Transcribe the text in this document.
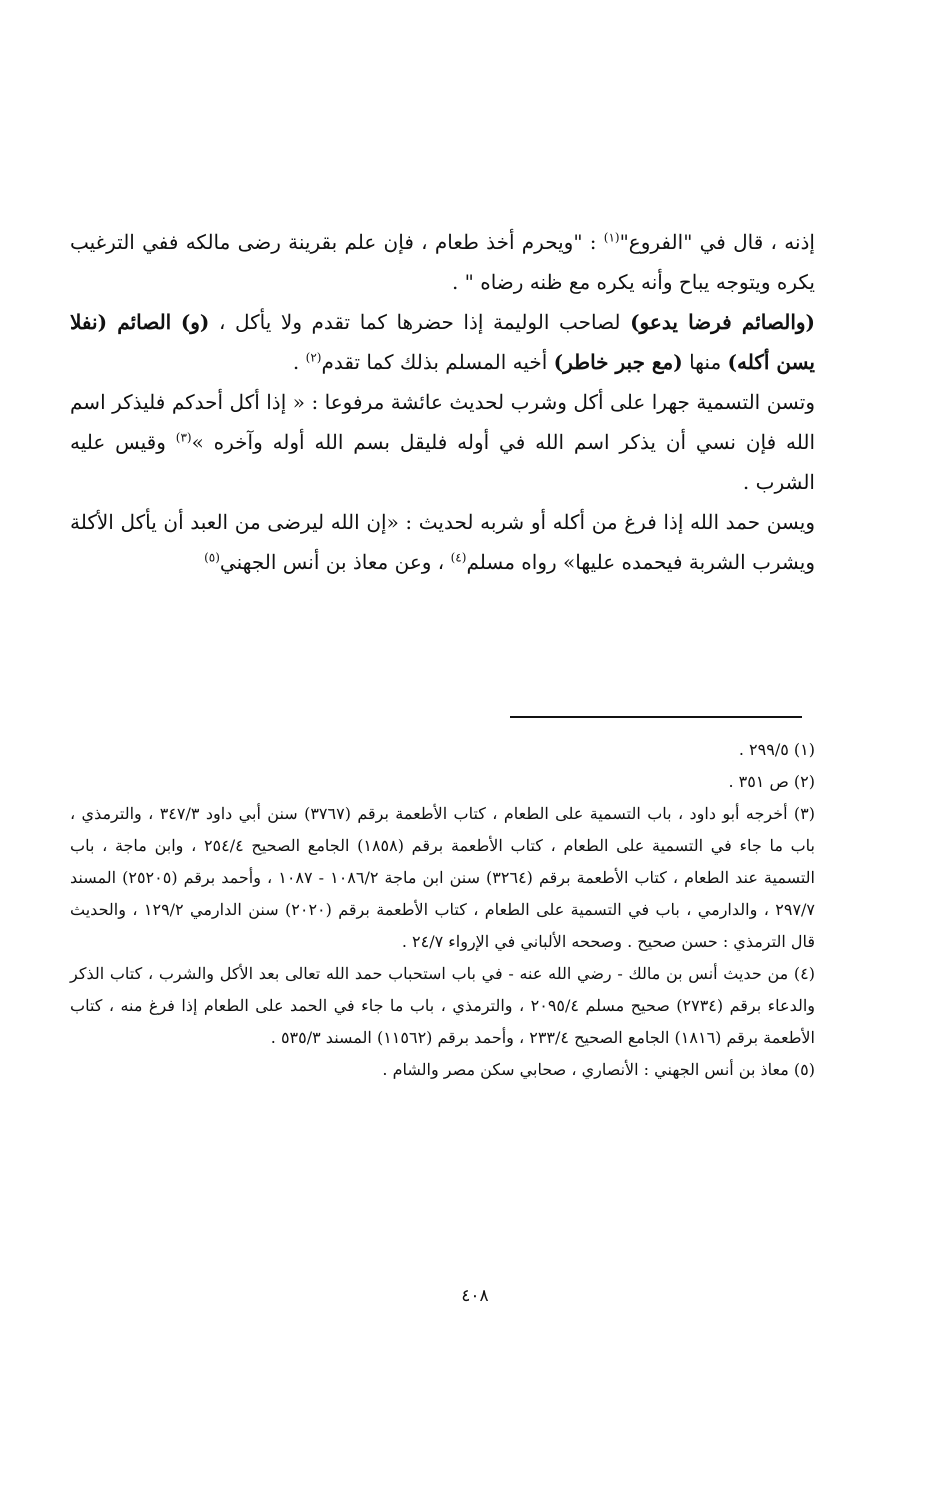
إذنه ، قال في "الفروع"$^{(١)}$ : "ويحرم أخذ طعام ، فإن علم بقرينة رضى مالكه ففي الترغيب يكره ويتوجه يباح وأنه يكره مع ظنه رضاه " .

(والصائم فرضا يدعو) لصاحب الوليمة إذا حضرها كما تقدم ولا يأكل ، (و) الصائم (نفلا يسن أكله) منها (مع جبر خاطر) أخيه المسلم بذلك كما تقدم$^{(٢)}$ .

وتسن التسمية جهرا على أكل وشرب لحديث عائشة مرفوعا : « إذا أكل أحدكم فليذكر اسم الله فإن نسي أن يذكر اسم الله في أوله فليقل بسم الله أوله وآخره »$^{(٣)}$ وقيس عليه الشرب .

ويسن حمد الله إذا فرغ من أكله أو شربه لحديث : «إن الله ليرضى من العبد أن يأكل الأكلة ويشرب الشربة فيحمده عليها» رواه مسلم$^{(٤)}$ ، وعن معاذ بن أنس الجهني$^{(٥)}$

(١) ٢٩٩/٥ .

(٢) ص ٣٥١ .

(٣) أخرجه أبو داود ، باب التسمية على الطعام ، كتاب الأطعمة برقم (٣٧٦٧) سنن أبي داود ٣٤٧/٣ ، والترمذي ، باب ما جاء في التسمية على الطعام ، كتاب الأطعمة برقم (١٨٥٨) الجامع الصحيح ٢٥٤/٤ ، وابن ماجة ، باب التسمية عند الطعام ، كتاب الأطعمة برقم (٣٢٦٤) سنن ابن ماجة ١٠٨٦/٢ - ١٠٨٧ ، وأحمد برقم (٢٥٢٠٥) المسند ٢٩٧/٧ ، والدارمي ، باب في التسمية على الطعام ، كتاب الأطعمة برقم (٢٠٢٠) سنن الدارمي ١٢٩/٢ ، والحديث قال الترمذي : حسن صحيح . وصححه الألباني في الإرواء ٢٤/٧ .

(٤) من حديث أنس بن مالك - رضي الله عنه - في باب استحباب حمد الله تعالى بعد الأكل والشرب ، كتاب الذكر والدعاء برقم (٢٧٣٤) صحيح مسلم ٢٠٩٥/٤ ، والترمذي ، باب ما جاء في الحمد على الطعام إذا فرغ منه ، كتاب الأطعمة برقم (١٨١٦) الجامع الصحيح ٢٣٣/٤ ، وأحمد برقم (١١٥٦٢) المسند ٥٣٥/٣ .

(٥) معاذ بن أنس الجهني : الأنصاري ، صحابي سكن مصر والشام .

٤٠٨
